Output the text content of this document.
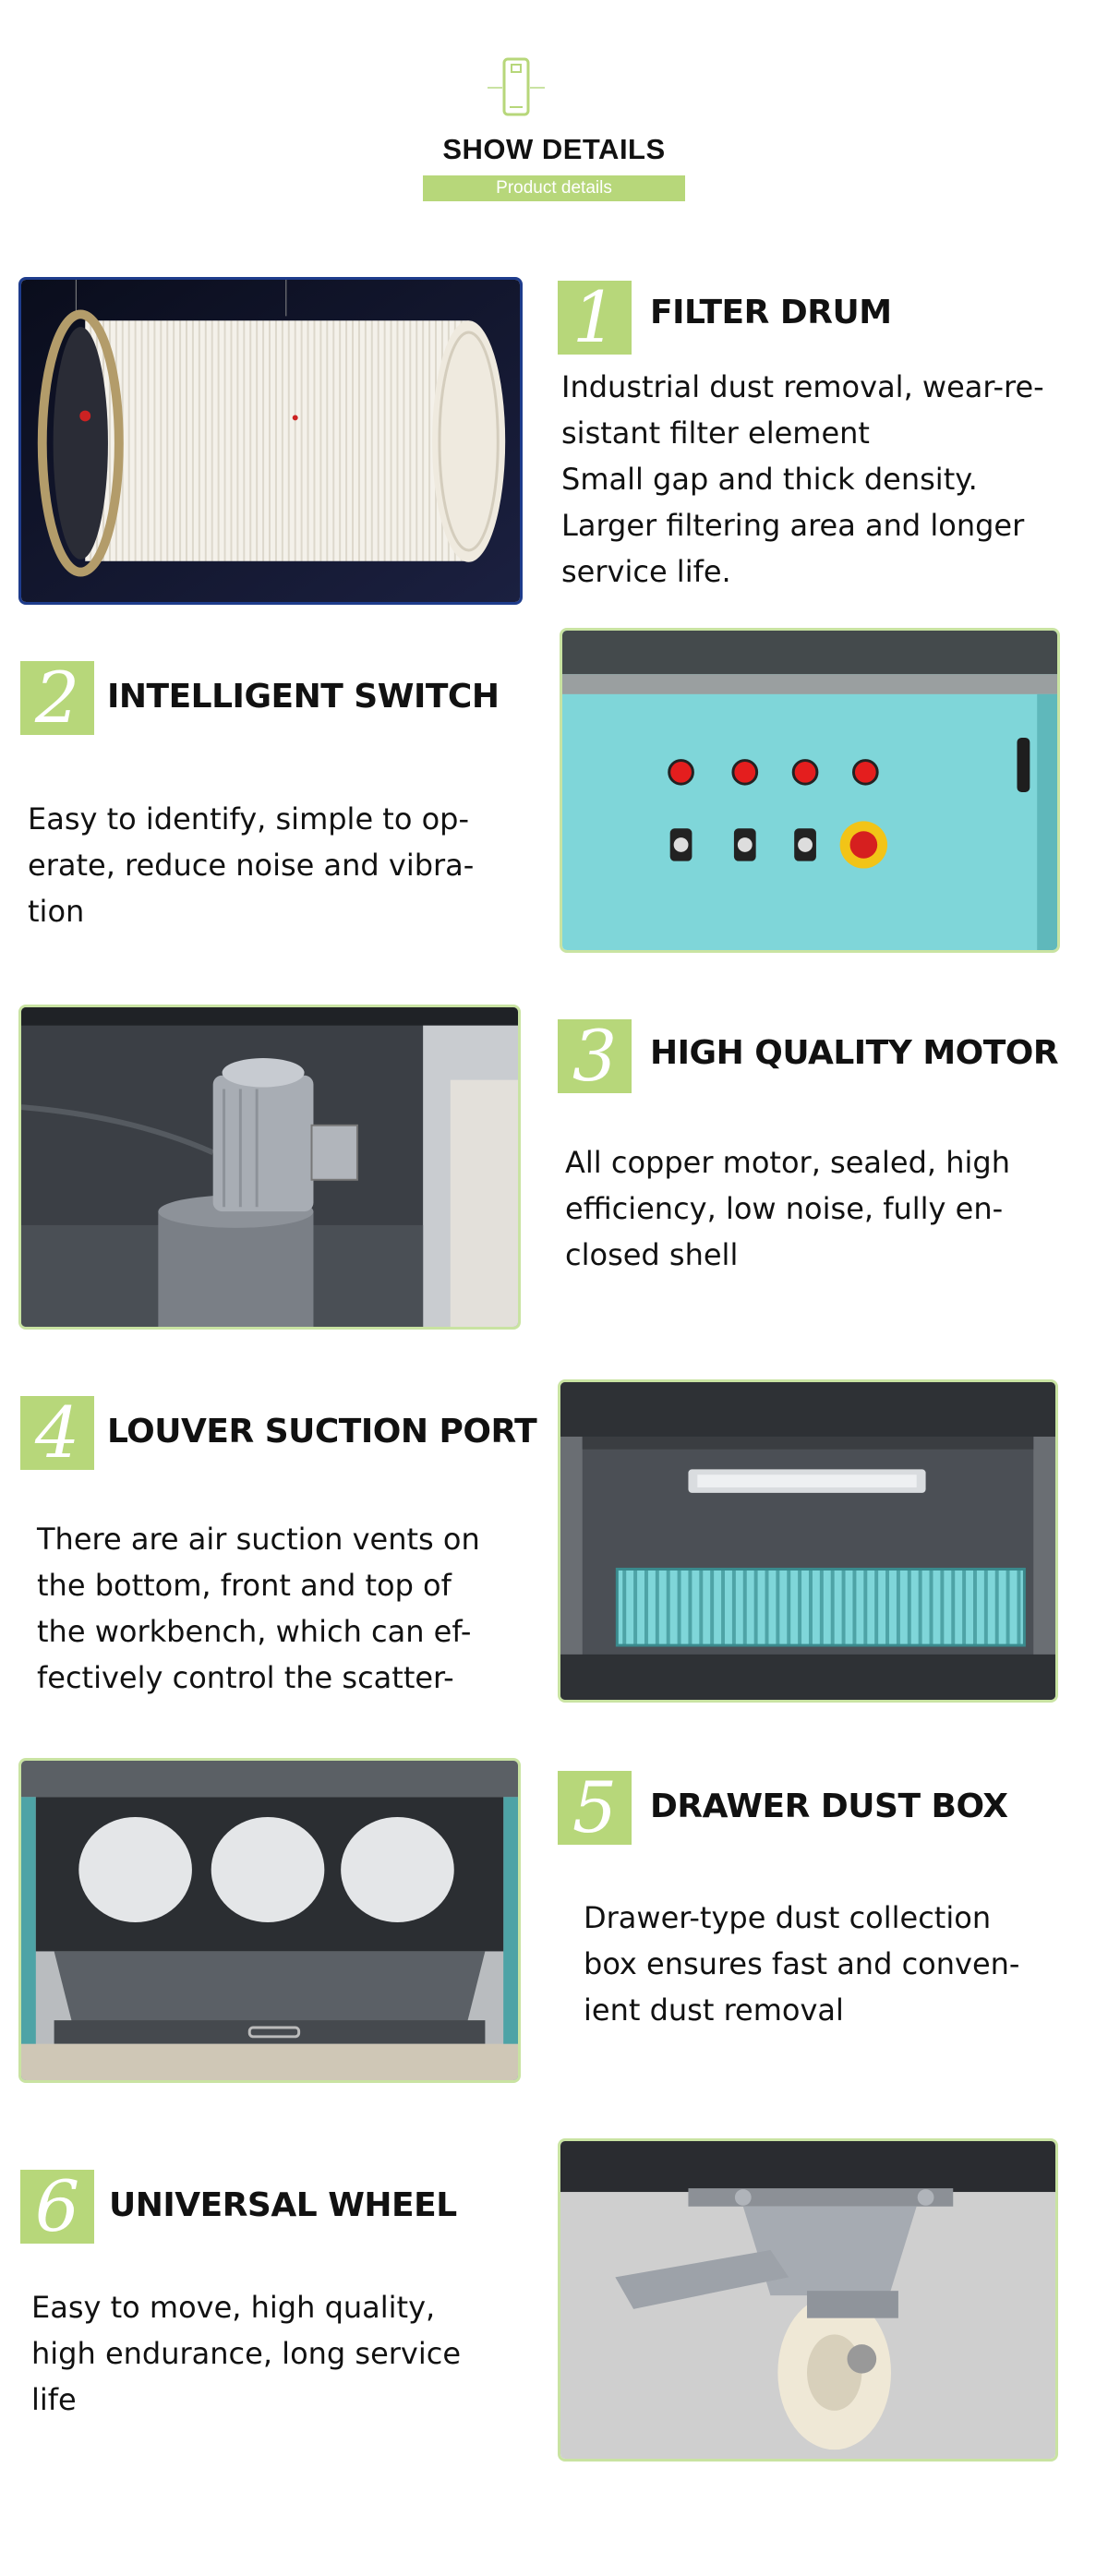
SHOW DETAILS
Product details
1 FILTER DRUM
Industrial dust removal, wear-re-
sistant filter element
Small gap and thick density.
Larger filtering area and longer
service life.
2 INTELLIGENT SWITCH
Easy to identify, simple to op-
erate, reduce noise and vibra-
tion
3 HIGH QUALITY MOTOR
All copper motor, sealed, high
efficiency, low noise, fully en-
closed shell
4 LOUVER SUCTION PORT
There are air suction vents on
the bottom, front and top of
the workbench, which can ef-
fectively control the scatter-
5 DRAWER DUST BOX
Drawer-type dust collection
box ensures fast and conven-
ient dust removal
6 UNIVERSAL WHEEL
Easy to move, high quality,
high endurance, long service
life
